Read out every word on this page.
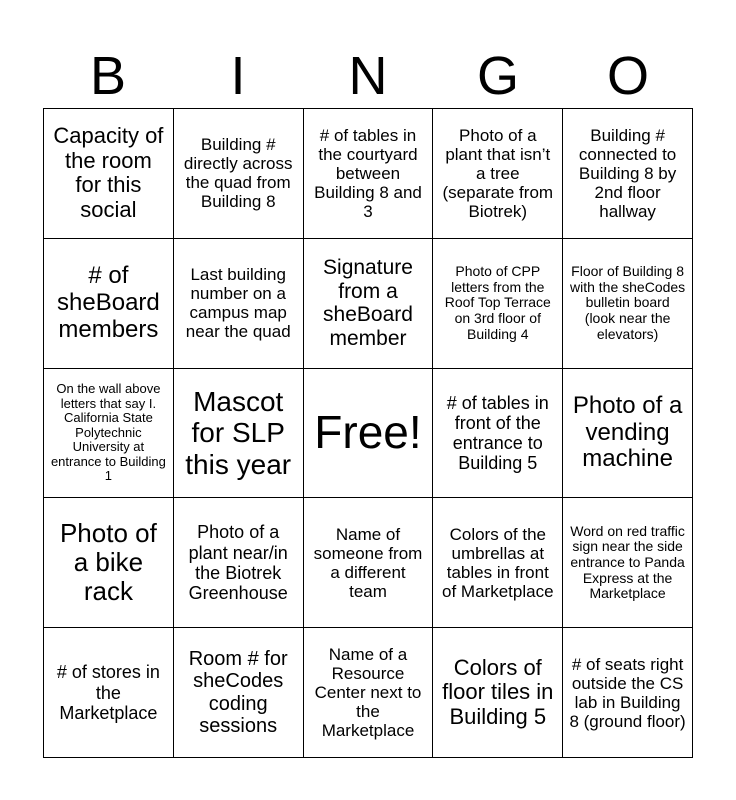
B	I	N	G	O
Capacity of the room for this social
Building # directly across the quad from Building 8
# of tables in the courtyard between Building 8 and 3
Photo of a plant that isn’t a tree (separate from Biotrek)
Building # connected to Building 8 by 2nd floor hallway
# of sheBoard members
Last building number on a campus map near the quad
Signature from a sheBoard member
Photo of CPP letters from the Roof Top Terrace on 3rd floor of Building 4
Floor of Building 8 with the sheCodes bulletin board (look near the elevators)
On the wall above letters that say I. California State Polytechnic University at entrance to Building 1
Mascot for SLP this year
Free!
# of tables in front of the entrance to Building 5
Photo of a vending machine
Photo of a bike rack
Photo of a plant near/in the Biotrek Greenhouse
Name of someone from a different team
Colors of the umbrellas at tables in front of Marketplace
Word on red traffic sign near the side entrance to Panda Express at the Marketplace
# of stores in the Marketplace
Room # for sheCodes coding sessions
Name of a Resource Center next to the Marketplace
Colors of floor tiles in Building 5
# of seats right outside the CS lab in Building 8 (ground floor)
